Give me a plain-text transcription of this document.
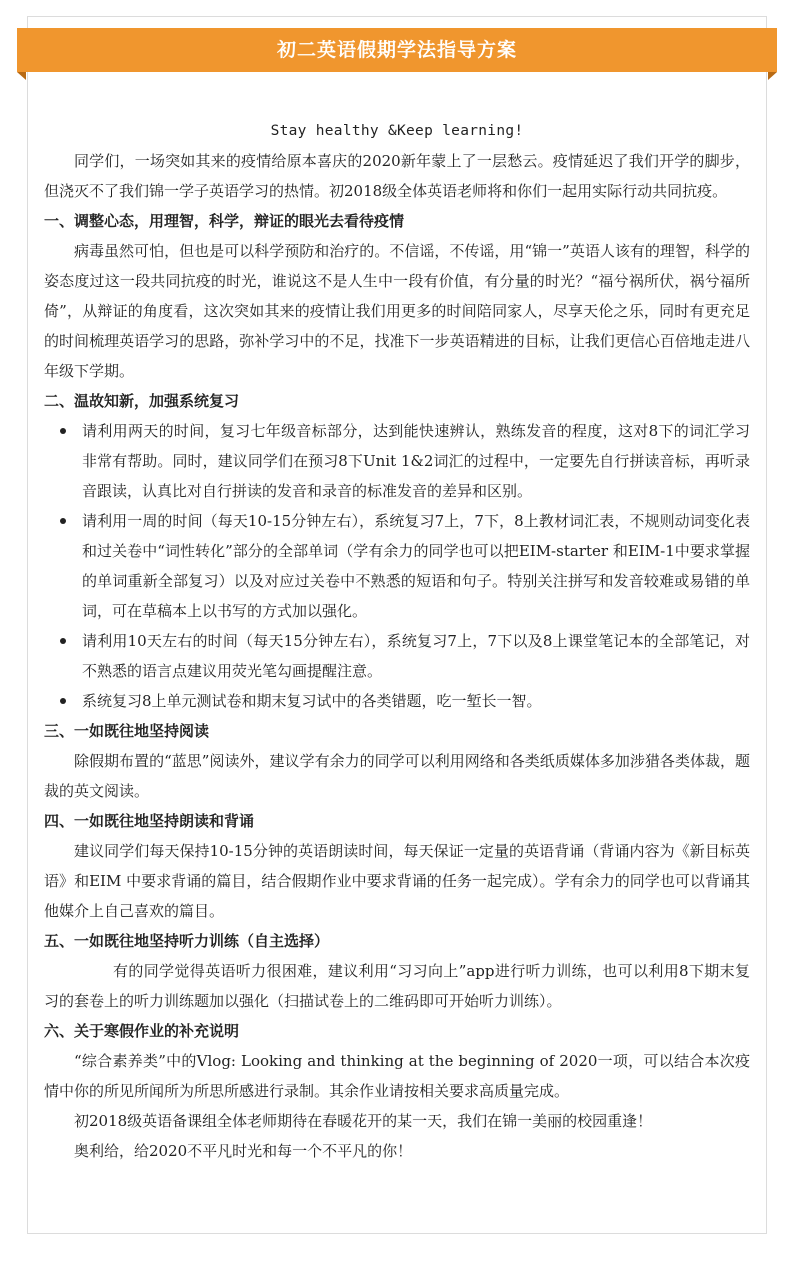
初二英语假期学法指导方案

Stay healthy &Keep learning!

同学们，一场突如其来的疫情给原本喜庆的2020新年蒙上了一层愁云。疫情延迟了我们开学的脚步，但浇灭不了我们锦一学子英语学习的热情。初2018级全体英语老师将和你们一起用实际行动共同抗疫。

一、调整心态，用理智，科学，辩证的眼光去看待疫情

病毒虽然可怕，但也是可以科学预防和治疗的。不信谣，不传谣，用“锦一”英语人该有的理智，科学的姿态度过这一段共同抗疫的时光，谁说这不是人生中一段有价值，有分量的时光？“福兮祸所伏，祸兮福所倚”，从辩证的角度看，这次突如其来的疫情让我们用更多的时间陪同家人，尽享天伦之乐，同时有更充足的时间梳理英语学习的思路，弥补学习中的不足，找准下一步英语精进的目标，让我们更信心百倍地走进八年级下学期。

二、温故知新，加强系统复习

请利用两天的时间，复习七年级音标部分，达到能快速辨认，熟练发音的程度，这对8下的词汇学习非常有帮助。同时，建议同学们在预习8下Unit 1&2词汇的过程中，一定要先自行拼读音标，再听录音跟读，认真比对自行拼读的发音和录音的标准发音的差异和区别。
请利用一周的时间（每天10-15分钟左右），系统复习7上，7下，8上教材词汇表，不规则动词变化表和过关卷中“词性转化”部分的全部单词（学有余力的同学也可以把EIM-starter 和EIM-1中要求掌握的单词重新全部复习）以及对应过关卷中不熟悉的短语和句子。特别关注拼写和发音较难或易错的单词，可在草稿本上以书写的方式加以强化。
请利用10天左右的时间（每天15分钟左右），系统复习7上，7下以及8上课堂笔记本的全部笔记，对不熟悉的语言点建议用荧光笔勾画提醒注意。
系统复习8上单元测试卷和期末复习试中的各类错题，吃一堑长一智。

三、一如既往地坚持阅读

除假期布置的“蓝思”阅读外，建议学有余力的同学可以利用网络和各类纸质媒体多加涉猎各类体裁，题裁的英文阅读。

四、一如既往地坚持朗读和背诵

建议同学们每天保持10-15分钟的英语朗读时间，每天保证一定量的英语背诵（背诵内容为《新目标英语》和EIM 中要求背诵的篇目，结合假期作业中要求背诵的任务一起完成）。学有余力的同学也可以背诵其他媒介上自己喜欢的篇目。

五、一如既往地坚持听力训练（自主选择）

有的同学觉得英语听力很困难，建议利用“习习向上”app进行听力训练，也可以利用8下期末复习的套卷上的听力训练题加以强化（扫描试卷上的二维码即可开始听力训练）。

六、关于寒假作业的补充说明

“综合素养类”中的Vlog: Looking and thinking at the beginning of 2020一项，可以结合本次疫情中你的所见所闻所为所思所感进行录制。其余作业请按相关要求高质量完成。

初2018级英语备课组全体老师期待在春暖花开的某一天，我们在锦一美丽的校园重逢！

奥利给，给2020不平凡时光和每一个不平凡的你！
